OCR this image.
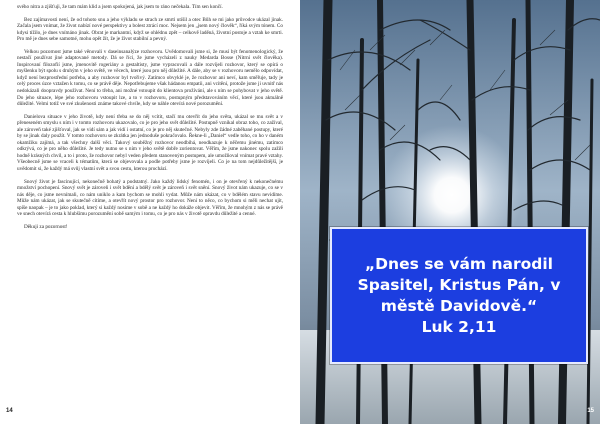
svého nitra a zjišťuji, že tam mám klid a jsem spokojená, jak jsem to ráno nečekala. Tím sen končí.

Bez zajímavosti není, že od tohoto snu a jeho výkladu se strach ze smrti utišil a otec Bůh se mi jako průvodce ukázal jinak. Začala jsem vnímat, že život nabízí nové perspektivy a bolest ztrácí moc. Nejsem jen „jsem nový člověk“, říká svým tónem. Co kdysi tížilo, je dnes vnímáno jinak. Obrat je markantní, když se ohlédnu zpět – celkově laděná, životní postoje a vztah ke smrti. Pro mě je dnes sebe samotné, mohu opět žít, že je život stabilní a pevný.

Velkou pozornost jsme také věnovali v daseinsanalýze rozhovoru. Uvědomovali jsme si, že musí být fenomenologický, že nestačí používat jiné adaptované metody. Dá se říci, že jsme vycházeli z nauky Medarda Bosse (Nitrní svět člověka). Inspirovaní filozofií jsme, jmenovitě rogeriány a gestaltisty, jsme vypracovali a dále rozvíjeli rozhovor, který se opírá o myšlenku být spolu s druhým v jeho světě, ve věcech, které jsou pro něj důležité. A dále, aby se v rozhovoru nemělo odpovídat, když není bezprostřední potřeba, a aby rozhovor byl tvořivý. Zatímco obvyklé je, že rozhovor ani neví, kam směřuje, tady je celý proces úzce vztažen k tomu, co se právě děje. Nepotřebujeme však hádanou empatii, ani vcítění, protože jsme ji uvnitř nás nedokázali doopravdy používat. Není to třeba, ani možné vstoupit do klientova prožívání, ale s ním se pohybovat v jeho světě. Do jeho situace, lépe jeho rozhovoru vstoupit lze, a to v rozhovoru, postupným představováním věcí, které jsou aktuálně důležité. Velmi totiž ve své zkušenosti známe takové chvíle, kdy se náhle otevírá nové porozumění.

Danielova situace v jeho životě, kdy není třeba se do něj vcítit, stačí mu otevřít do jeho světa, ukázal se mu svět a v přeneseném smyslu s ním i v tomto rozhovoru ukazovalo, co je pro jeho svět důležité. Postupně vznikal obraz toho, co zažíval, ale zároveň také zjišťoval, jak se vidí sám a jak vidí i ostatní, co je pro něj skutečné. Nebyly zde žádné zaběhané postupy, které by se jinak daly použít. V tomto rozhovoru se zkrátka jen jednoduše pokračovalo. Řekne-li „Daniel“ vedle toho, co ho v daném okamžiku zajímá, a tak všechny další věci. Takový souběžný rozhovor neodbíhá, neodkazuje k něčemu jinému, zatímco odkrývá, co je pro něho důležité. Je tedy nutno se s ním v jeho světě dobře zorientovat. Věřím, že jsme nakonec spolu zažili hodně krásných chvil, a to i proto, že rozhovor nebyl veden předem stanoveným postupem, ale umožňoval vnímat pravé vztahy. Všeobecně jsme se vraceli k tématům, která se objevovala a podle potřeby jsme je rozvíjeli. Co je na tom nejdůležitější, je uvědomit si, že každý má svůj vlastní svět a svou cestu, kterou prochází.

Snový život je fascinující, nekonečně bohatý a podstatný. Jako každý lidský fenomén, i on je otevřený k nekonečnému množství pochopení. Snový svět je zároveň i svět bdění a bdělý svět je zároveň i svět snění. Snový život nám ukazuje, co se v nás děje, co jsme nevnímali, co nám uniklo a kam bychom se mohli vydat. Může nám ukázat, co v bdělém stavu nevidíme. Může nám ukázat, jak se skutečně cítíme, a otevřít nový prostor pro rozhovor. Není to něco, co bychom si měli nechat ujít, spíše naopak – je to jako poklad, který si každý nosíme v sobě a ne každý ho dokáže objevit. Věřím, že mnohým z nás se právě ve snech otevírá cesta k hlubšímu porozumění sobě samým i tomu, co je pro nás v životě opravdu důležité a cenné.

Děkuji za pozornost!

14
„Dnes se vám narodil Spasitel, Kristus Pán, v městě Davidově.“
Luk 2,11
15
